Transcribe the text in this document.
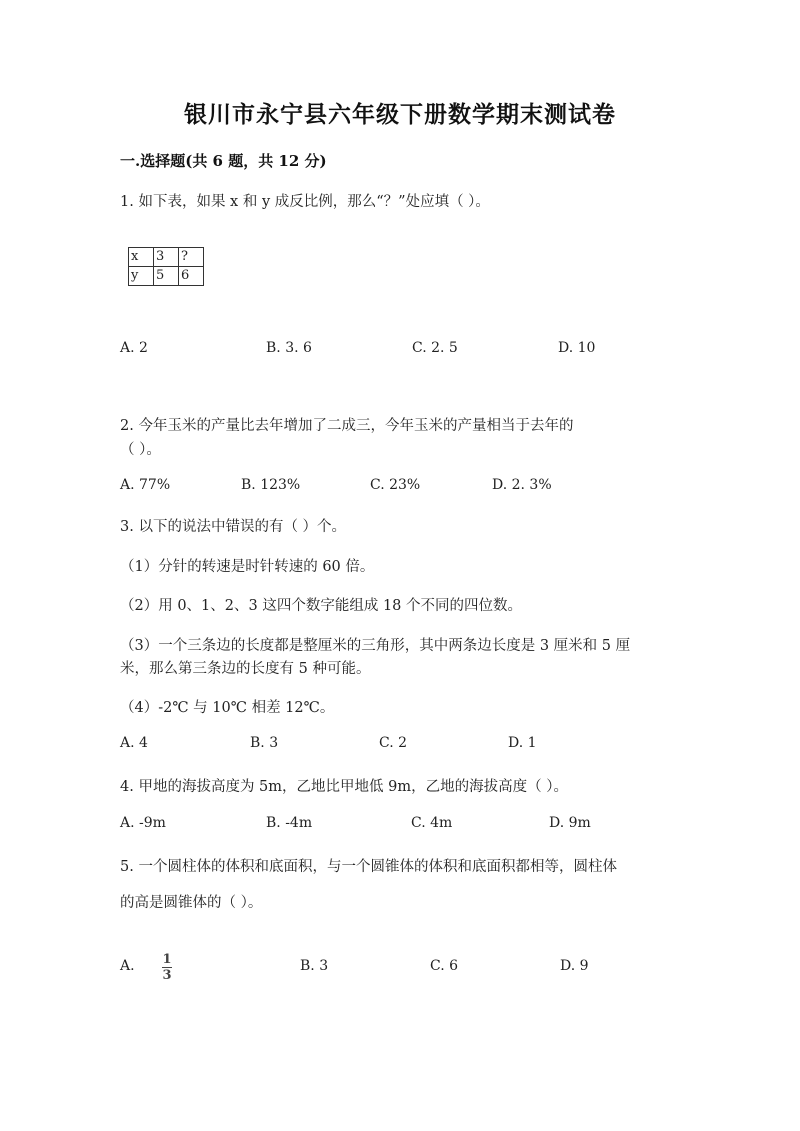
银川市永宁县六年级下册数学期末测试卷
一.选择题(共 6 题，共 12 分)
1. 如下表，如果 x 和 y 成反比例，那么“？”处应填（ ）。
x	3	?
y	5	6
A. 2	B. 3. 6	C. 2. 5	D. 10
2. 今年玉米的产量比去年增加了二成三，今年玉米的产量相当于去年的
（ ）。
A. 77%	B. 123%	C. 23%	D. 2. 3%
3. 以下的说法中错误的有（ ）个。
（1）分针的转速是时针转速的 60 倍。
（2）用 0、1、2、3 这四个数字能组成 18 个不同的四位数。
（3）一个三条边的长度都是整厘米的三角形，其中两条边长度是 3 厘米和 5 厘
米，那么第三条边的长度有 5 种可能。
（4）-2℃ 与 10℃ 相差 12℃。
A. 4	B. 3	C. 2	D. 1
4. 甲地的海拔高度为 5m，乙地比甲地低 9m，乙地的海拔高度（ ）。
A. -9m	B. -4m	C. 4m	D. 9m
5. 一个圆柱体的体积和底面积，与一个圆锥体的体积和底面积都相等，圆柱体
的高是圆锥体的（ ）。
A. 1
3
B. 3	C. 6	D. 9
